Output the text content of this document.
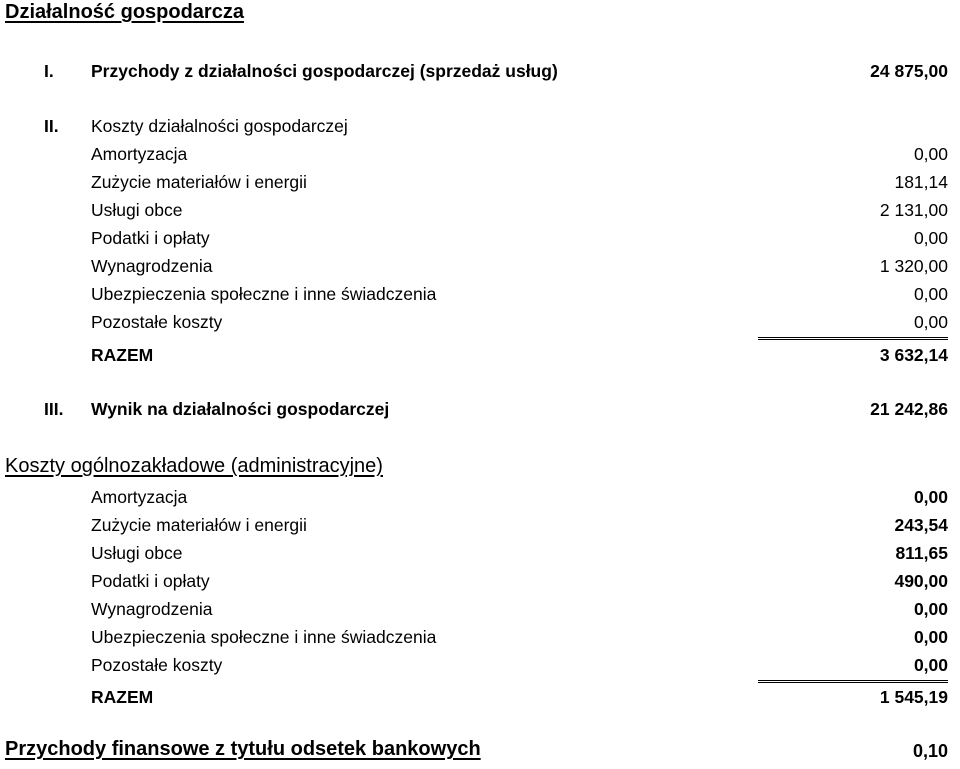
Działalność gospodarcza
I.	Przychody z działalności gospodarczej (sprzedaż usług)	24 875,00
II.	Koszty działalności gospodarczej
Amortyzacja	0,00
Zużycie materiałów i energii	181,14
Usługi obce	2 131,00
Podatki i opłaty	0,00
Wynagrodzenia	1 320,00
Ubezpieczenia społeczne i inne świadczenia	0,00
Pozostałe koszty	0,00
RAZEM	3 632,14
III.	Wynik na działalności gospodarczej	21 242,86
Koszty ogólnozakładowe (administracyjne)
Amortyzacja	0,00
Zużycie materiałów i energii	243,54
Usługi obce	811,65
Podatki i opłaty	490,00
Wynagrodzenia	0,00
Ubezpieczenia społeczne i inne świadczenia	0,00
Pozostałe koszty	0,00
RAZEM	1 545,19
Przychody finansowe z tytułu odsetek bankowych	0,10
